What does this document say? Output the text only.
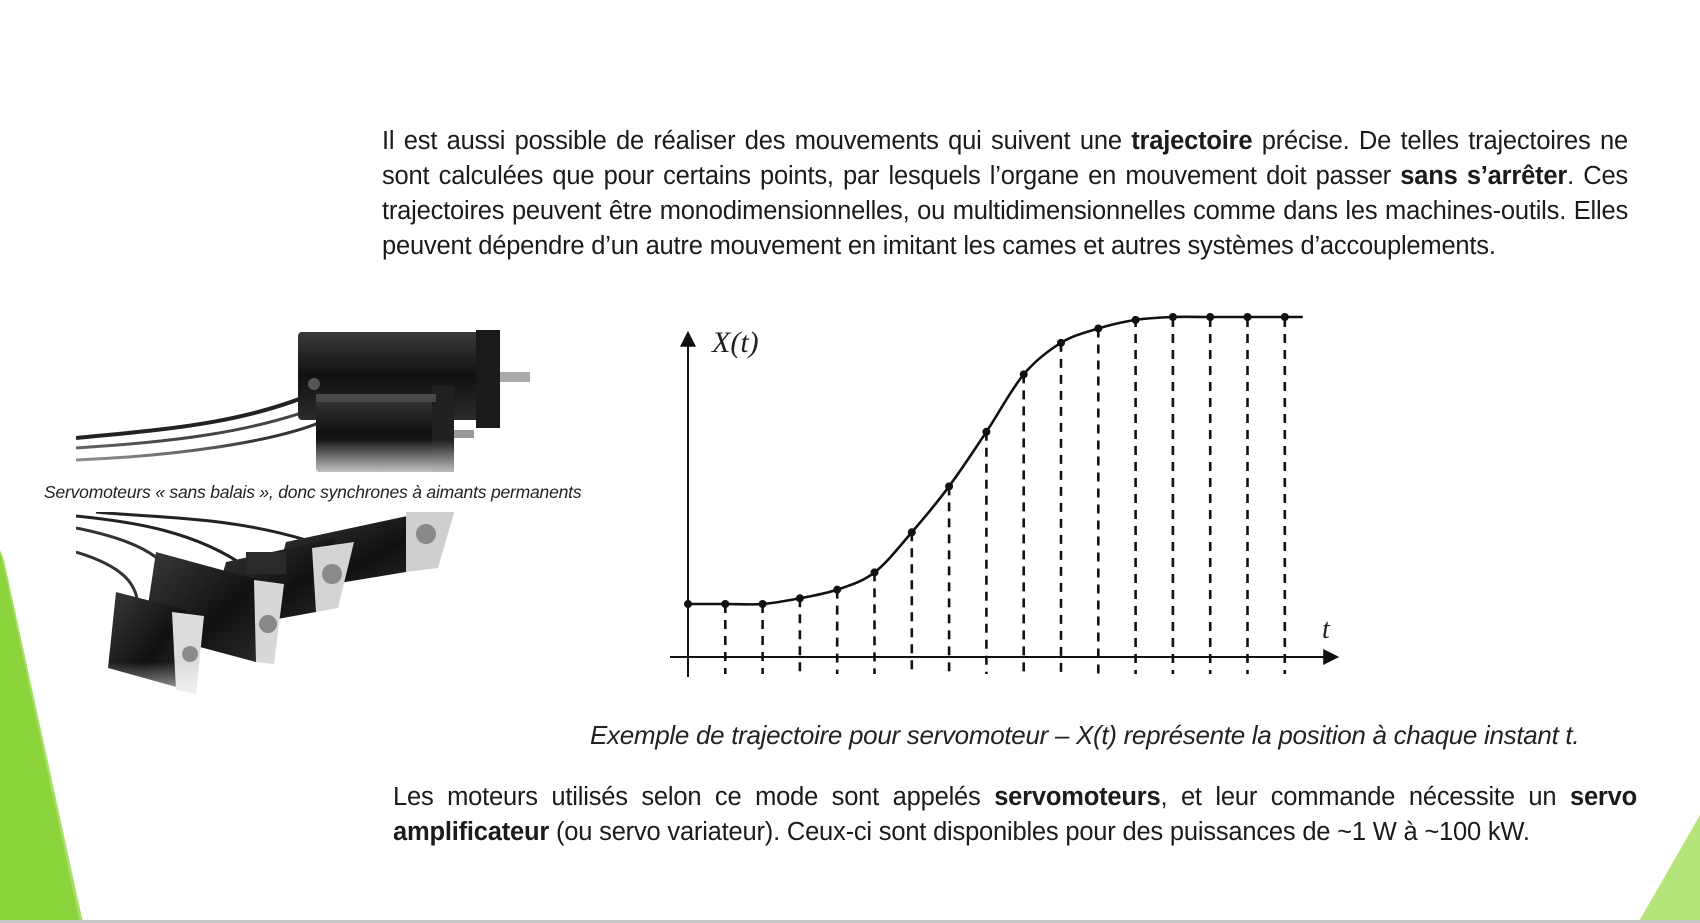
Il est aussi possible de réaliser des mouvements qui suivent une trajectoire précise. De telles trajectoires ne sont calculées que pour certains points, par lesquels l’organe en mouvement doit passer sans s’arrêter. Ces trajectoires peuvent être monodimensionnelles, ou multidimensionnelles comme dans les machines-outils. Elles peuvent dépendre d’un autre mouvement en imitant les cames et autres systèmes d’accouplements.

Servomoteurs « sans balais », donc synchrones à aimants permanents
X(t)
t
Exemple de trajectoire pour servomoteur – X(t) représente la position à chaque instant t.

Les moteurs utilisés selon ce mode sont appelés servomoteurs, et leur commande nécessite un servo amplificateur (ou servo variateur). Ceux-ci sont disponibles pour des puissances de ~1 W à ~100 kW.
